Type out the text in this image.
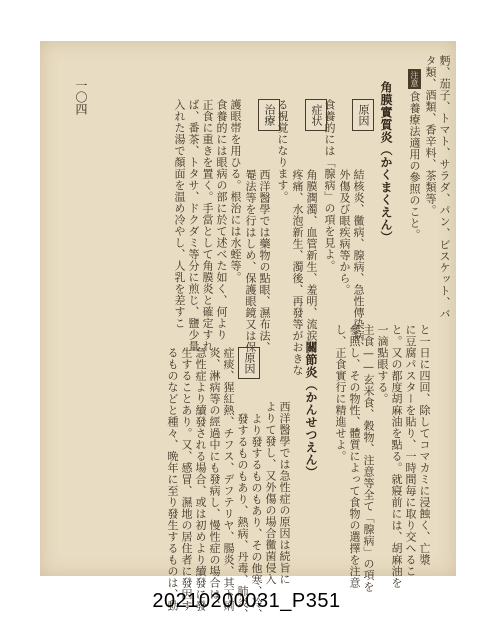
一〇四	麪、茄子、トマト、サラダ、パン、ビスケット、バ
タ類、酒類、香辛料、茶類等。
注意
食養療法適用の參照のこと。
角膜實質炎（かくまくえん）
原因
結核炎、黴病、腺病、急性傳染病、
外傷及び眼疾病等から。
食養的には「腺病」の項を見よ。
症状
角膜潤濁、血管新生、羞明、流涙、
疼痛、水泡新生、濁後、再發等がおきな
る視覚になります。
治療
西洋醫學では藥物の點眼、濕布法、
罨法等を行はしめ、保護眼鏡又は保
護眼帯を用ひる。根治には水蛭等。
食養的には眼病の部に於て述べた如く、何より
正食に重きを置く。手當として角膜炎と確定すれ
ば、番茶、トタサ、ドクダミ等分に煎じ、鹽少量
入れた湯で顏面を温め冷やし、人乳を差すこ
と一日に四回、除してコマカミに浸蝕く、亡漿
に豆腐パスターを貼り、一時間毎に取り交へるこ
と。又の都度胡麻油を點る。就寢前には、胡麻油を
一滴點眼する。
主食——玄米食、穀物、注意等全て「腺病」の項を
參照し、その物性、體質によって食物の選擇を注意
し、正食實行に精進せよ。
關節炎（かんせつえん）
西洋醫學では急性症の原因は続旨に
よりて發し、又外傷の場合黴菌侵入
原因
より發するものもあり、その他寒、冷、
發するものもあり、熱病、丹毒、肺炎、
症痰、猩紅熱、チフス、デフテリヤ、腸炎、其下痢
炎、淋病等の經過中にも發病し、慢性症の場合は、
急性症より續發される場合、或は初めより續發に發
生することあり。又、感冒、濕地の居住者に發因す
るものなどと種々、晩年に至り發生するものは、動
20210200031_P351
